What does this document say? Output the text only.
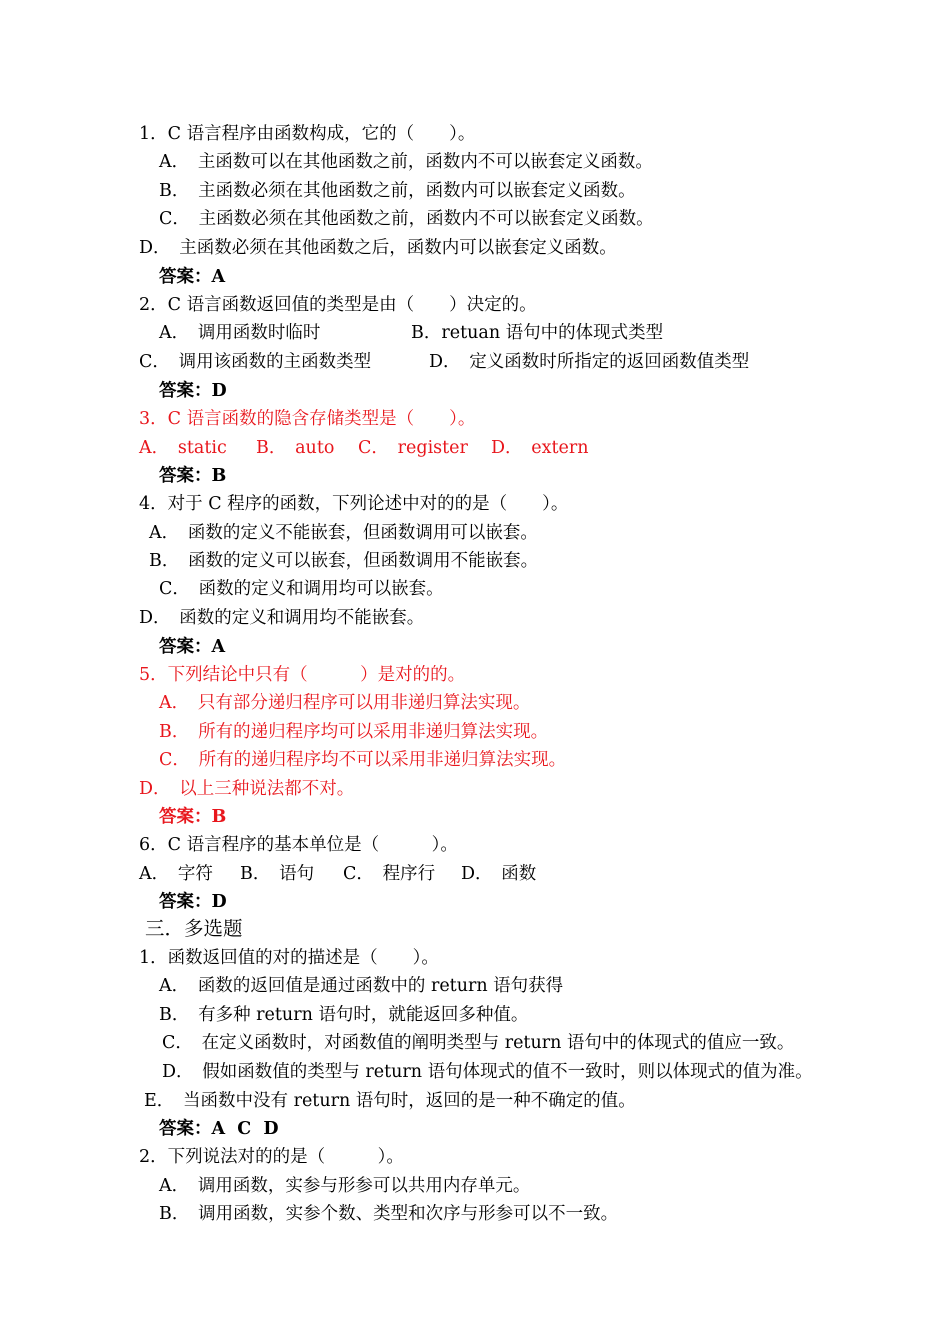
1．C 语言程序由函数构成，它的（　　）。
A．　主函数可以在其他函数之前，函数内不可以嵌套定义函数。
B．　主函数必须在其他函数之前，函数内可以嵌套定义函数。
C．　主函数必须在其他函数之前，函数内不可以嵌套定义函数。
D．　主函数必须在其他函数之后，函数内可以嵌套定义函数。
答案：A
2．C 语言函数返回值的类型是由（　　）决定的。
A．　调用函数时临时	B．retuan 语句中的体现式类型
C．　调用该函数的主函数类型	D．　定义函数时所指定的返回函数值类型
答案：D
3．C 语言函数的隐含存储类型是（　　）。
A．　static B．　auto C．　register D．　extern
答案：B
4．对于 C 程序的函数，下列论述中对的的是（　　）。
A．　函数的定义不能嵌套，但函数调用可以嵌套。
B．　函数的定义可以嵌套，但函数调用不能嵌套。
C．　函数的定义和调用均可以嵌套。
D．　函数的定义和调用均不能嵌套。
答案：A
5．下列结论中只有（　　　）是对的的。
A．　只有部分递归程序可以用非递归算法实现。
B．　所有的递归程序均可以采用非递归算法实现。
C．　所有的递归程序均不可以采用非递归算法实现。
D．　以上三种说法都不对。
答案：B
6．C 语言程序的基本单位是（　　　）。
A．　字符 B．　语句 C．　程序行 D．　函数
答案：D
三．多选题
1．函数返回值的对的描述是（　　）。
A．　函数的返回值是通过函数中的 return 语句获得
B．　有多种 return 语句时，就能返回多种值。
C．　在定义函数时，对函数值的阐明类型与 return 语句中的体现式的值应一致。
D．　假如函数值的类型与 return 语句体现式的值不一致时，则以体现式的值为准。
E．　当函数中没有 return 语句时，返回的是一种不确定的值。
答案：A  C  D
2．下列说法对的的是（　　　）。
A．　调用函数，实参与形参可以共用内存单元。
B．　调用函数，实参个数、类型和次序与形参可以不一致。
